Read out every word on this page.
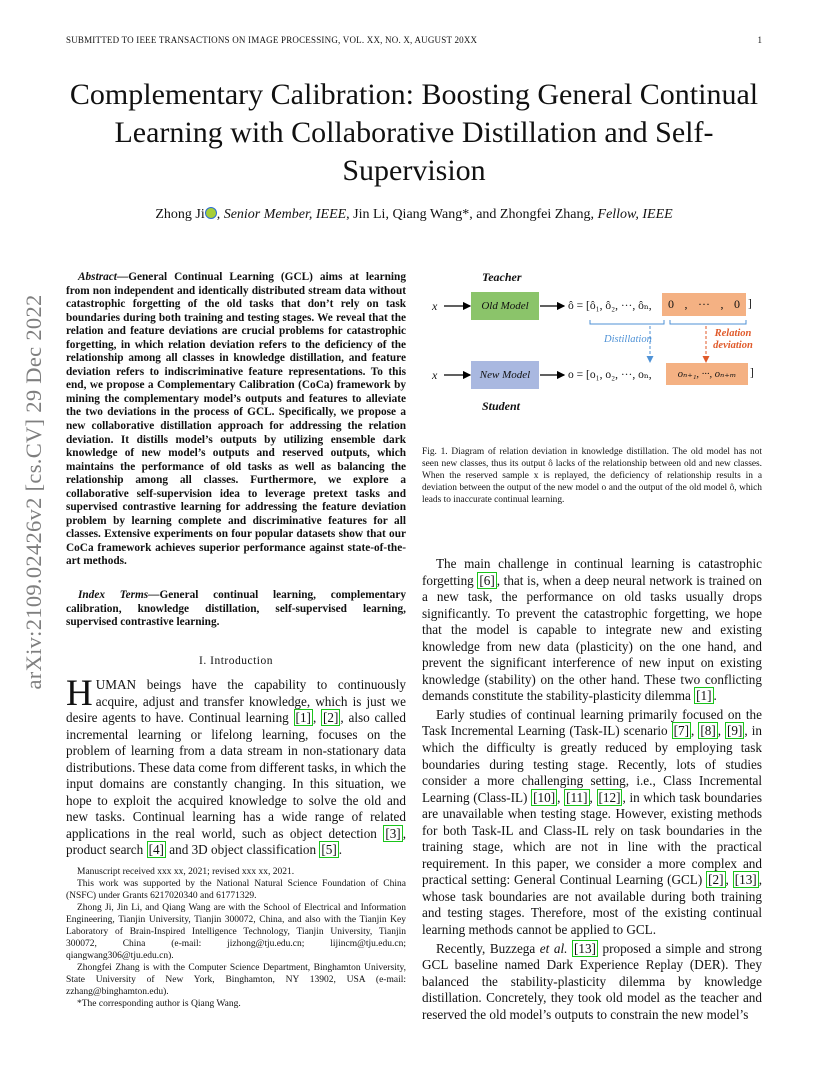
SUBMITTED TO IEEE TRANSACTIONS ON IMAGE PROCESSING, VOL. XX, NO. X, AUGUST 20XX	1
Complementary Calibration: Boosting General Continual Learning with Collaborative Distillation and Self-Supervision
Zhong Ji , Senior Member, IEEE, Jin Li, Qiang Wang*, and Zhongfei Zhang, Fellow, IEEE
arXiv:2109.02426v2 [cs.CV] 29 Dec 2022
Abstract—General Continual Learning (GCL) aims at learning from non independent and identically distributed stream data without catastrophic forgetting of the old tasks that don’t rely on task boundaries during both training and testing stages. We reveal that the relation and feature deviations are crucial problems for catastrophic forgetting, in which relation deviation refers to the deficiency of the relationship among all classes in knowledge distillation, and feature deviation refers to indiscriminative feature representations. To this end, we propose a Complementary Calibration (CoCa) framework by mining the complementary model’s outputs and features to alleviate the two deviations in the process of GCL. Specifically, we propose a new collaborative distillation approach for addressing the relation deviation. It distills model’s outputs by utilizing ensemble dark knowledge of new model’s outputs and reserved outputs, which maintains the performance of old tasks as well as balancing the relationship among all classes. Furthermore, we explore a collaborative self-supervision idea to leverage pretext tasks and supervised contrastive learning for addressing the feature deviation problem by learning complete and discriminative features for all classes. Extensive experiments on four popular datasets show that our CoCa framework achieves superior performance against state-of-the-art methods.
Index Terms—General continual learning, complementary calibration, knowledge distillation, self-supervised learning, supervised contrastive learning.
I. Introduction
HUMAN beings have the capability to continuously acquire, adjust and transfer knowledge, which is just we desire agents to have. Continual learning [1] , [2] , also called incremental learning or lifelong learning, focuses on the problem of learning from a data stream in non-stationary data distributions. These data come from different tasks, in which the input domains are constantly changing. In this situation, we hope to exploit the acquired knowledge to solve the old and new tasks. Continual learning has a wide range of related applications in the real world, such as object detection [3] , product search [4] and 3D object classification [5] .

Manuscript received xxx xx, 2021; revised xxx xx, 2021.

This work was supported by the National Natural Science Foundation of China (NSFC) under Grants 6217020340 and 61771329.

Zhong Ji, Jin Li, and Qiang Wang are with the School of Electrical and Information Engineering, Tianjin University, Tianjin 300072, China, and also with the Tianjin Key Laboratory of Brain-Inspired Intelligence Technology, Tianjin University, Tianjin 300072, China (e-mail: jizhong@tju.edu.cn; lijincm@tju.edu.cn; qiangwang306@tju.edu.cn).

Zhongfei Zhang is with the Computer Science Department, Binghamton University, State University of New York, Binghamton, NY 13902, USA (e-mail: zzhang@binghamton.edu).

*The corresponding author is Qiang Wang.

Teacher
Student
x
x
Old Model
New Model
ô = [ô₁, ô₂, ···, ôₙ, 0 , ··· , 0 ]
o = [o₁, o₂, ···, oₙ, oₙ₊₁, ···, oₙ₊ₘ ]
Distillation
Relation deviation
Fig. 1. Diagram of relation deviation in knowledge distillation. The old model has not seen new classes, thus its output ô lacks of the relationship between old and new classes. When the reserved sample x is replayed, the deficiency of relationship results in a deviation between the output of the new model o and the output of the old model ô, which leads to inaccurate continual learning.

The main challenge in continual learning is catastrophic forgetting [6] , that is, when a deep neural network is trained on a new task, the performance on old tasks usually drops significantly. To prevent the catastrophic forgetting, we hope that the model is capable to integrate new and existing knowledge from new data (plasticity) on the one hand, and prevent the significant interference of new input on existing knowledge (stability) on the other hand. These two conflicting demands constitute the stability-plasticity dilemma [1] .

Early studies of continual learning primarily focused on the Task Incremental Learning (Task-IL) scenario [7] , [8] , [9] , in which the difficulty is greatly reduced by employing task boundaries during testing stage. Recently, lots of studies consider a more challenging setting, i.e., Class Incremental Learning (Class-IL) [10] , [11] , [12] , in which task boundaries are unavailable when testing stage. However, existing methods for both Task-IL and Class-IL rely on task boundaries in the training stage, which are not in line with the practical requirement. In this paper, we consider a more complex and practical setting: General Continual Learning (GCL) [2] , [13] , whose task boundaries are not available during both training and testing stages. Therefore, most of the existing continual learning methods cannot be applied to GCL.

Recently, Buzzega et al. [13] proposed a simple and strong GCL baseline named Dark Experience Replay (DER). They balanced the stability-plasticity dilemma by knowledge distillation. Concretely, they took old model as the teacher and reserved the old model’s outputs to constrain the new model’s
